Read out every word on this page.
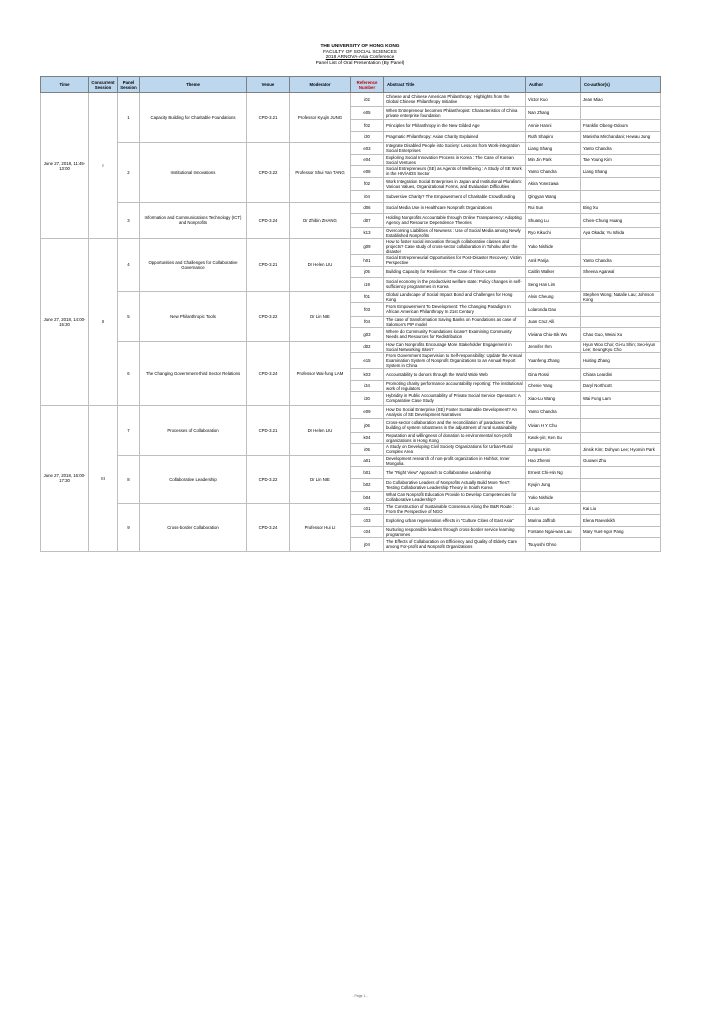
THE UNIVERSITY OF HONG KONG
FACULTY OF SOCIAL SCIENCES
2018 ARNOVA-Asia Conference
Panel List of Oral Presentation (By Panel)
Time	Concurrent Session	Panel Session	Theme	Venue	Moderator	Reference Number	Abstract Title	Author	Co-author(s)
June 27, 2018, 11:45-13:00	I	1	Capacity Building for Charitable Foundations	CPD-3.21	Professor Kyujin JUNG	i02	Chinese and Chinese American Philanthropy: Highlights from the Global Chinese Philanthropy Initiative	Victor Kuo	Jean Miao
						e05	When Entrepreneur becomes Philanthropist: Characteristics of China private enterprise foundation	Nan Zhang	
						f02	Principles for Philanthropy in the New Gilded Age	Annie Hanni	Franklin Obeng-Odoom
						i30	Pragmatic Philanthropy: Asian Charity Explained	Ruth Shapiro	Manisha Mirchandani; Hewau Jung
		2	Institutional Innovations	CPD-3.22	Professor Shui Yan TANG	e03	Integrate Disabled People into Society: Lessons from Work-integration Social Enterprises	Liang Shang	Yanto Chandra
						e04	Exploring Social Innovation Process in Korea : The Case of Korean Social Ventures	Min Jin Park	Tae Young Kim
						e08	Social Entrepreneurs (SE) as Agents of Wellbeing : A Study of SE Work in the HIV/AIDS Sector	Yanto Chandra	Liang Shang
						f02	Work Integration Social Enterprises in Japan and Institutional Pluralism: Various Values, Organizational Forms, and Evaluation Difficulties	Akira Yonezawa	
						i04	Subversive Charity? The Empowerment of Charitable Crowdfunding	Qingyan Wang	
		3	Information and Communications Technology (ICT) and Nonprofits	CPD-3.24	Dr Zhibin ZHANG	d06	Social Media Use in Healthcare Nonprofit Organizations	Rui Sun	Bing Xu
						d07	Holding Nonprofits Accountable through Online Transparency: Adopting Agency and Resource Dependence Theories	Shuang Lu	Chien-Chung Huang
						k13	Overcoming Liabilities of Newness : Use of Social Media among Newly Established Nonprofits	Ryo Kikuchi	Aya Okada; Yu Ishida
June 27, 2018, 14:00-15:30	II	4	Opportunities and Challenges for Collaborative Governance	CPD-3.21	Dr Helen LIU	g09	How to foster social innovation through collaborative classes and projects? Case study of cross-sector collaboration in Tohoku after the disaster	Yuko Nishide	
						h01	Social Entrepreneurial Opportunities for Post-Disaster Recovery: Victim Perspective	Amil Parija	Yanto Chandra
						j05	Building Capacity for Resilience: The Case of Timor-Leste	Caitlin Walker	Sheena Agarwal
						i19	Social economy in the productivist welfare state: Policy changes in self-sufficiency programmes in Korea	Seng Han Lim	
		5	New Philanthropic Tools	CPD-3.22	Dr Lin NIE	f01	Global Landscape of Social Impact Bond and Challenges for Hong Kong	Alvin Cheung	Stephen Wong; Natalie Lau; Johnson Kong
						f03	From Empowerment To Development: The Changing Paradigm In African American Philanthropy In 21st Century	Lolaronda Dao	
						f04	The case of transformation Saving Banks on Foundations as case of Salomon's PIP model	Juan Cruz Alli	
						g03	Where do Community Foundations locate? Examining Community Needs and Resources for Redistribution	Viviana Chiu-Sik Wu	Chao Guo, Weiai Xu
		6	The Changing Government-third Sector Relations	CPD-3.24	Professor Wai-fung LAM	d02	How Can Nonprofits Encourage More Stakeholder Engagement in Social Networking Sites?	Jennifer Ihm	Hyun Woo Choi; Gi-ru Shin; Seo-kyun Lee; SeungKyu Cho
						e15	From Government Supervision to Self-responsibility: Update the Annual Examination System of Nonprofit Organizations to an Annual Report System in China	Yuanfeng Zhang	Huiting Zhang
						k03	Accountability to donors through the World Wide Web	Gina Rossi	Chiara Leardini
						i34	Promoting charity performance accountability reporting: The institutional work of regulators	Chenie Yang	Daryl Northcott
						i30	Hybridity in Public Accountability of Private Social Service Operators: A Comparative Case Study	Xiao-Lu Wang	Wai Fung Lam
June 27, 2018, 16:00-17:30	III	7	Processes of Collaboration	CPD-3.21	Dr Helen LIU	e09	How Do Social Enterprise (SE) Foster Sustainable Development? An Analysis of SE Development Narratives	Yanto Chandra	
						j06	Cross-sector collaboration and the reconciliation of paradoxes: the building of system robustness in the adjustment of rural sustainability	Vivian H Y Chu	
						k04	Reputation and willingness of donation to environmental non-profit organizations in Hong Kong	Kwok-yin; Ken Su	
						i05	A Study on Developing Civil Society Organizations for Urban-Rural Complex Area	Jungsu Kim	Jinsik Kim; Dohyun Lee; Hyomin Park
		8	Collaborative Leadership	CPD-3.22	Dr Lin NIE	a01	Development research of non-profit organization in Hohhot, Inner Mongolia.	Hao Zhenni	Guowei Zhu
						b01	The "Right View" Approach to Collaborative Leadership	Ernest Chi-Hin Ng	
						b02	Do Collaborative Leaders of Nonprofits Actually Build More Ties?: Testing Collaborative Leadership Theory in South Korea	Kyujin Jung	
						b04	What Can Nonprofit Education Provide to Develop Competencies for Collaborative Leadership?	Yuko Nishide	
		9	Cross-border Collaboration	CPD-3.24	Professor Hui LI	c01	The Construction of Sustainable Consensus Along the B&R Route : From the Perspective of NGO	Ji Luo	Kai Liu
						c03	Exploring urban regeneration effects in "Culture Cities of East Asia"	Marina Jaffrob	Elena Raevskikh
						c04	Nurturing responsible leaders through cross-border service learning programmes	Fontane Ngai-wan Lau	Mary Yuet-ngor Pang
						j04	The Effects of Collaboration on Efficiency and Quality of Elderly Care among For-profit and Nonprofit Organizations	Tsuyoshi Ohno	
- Page 1 -
